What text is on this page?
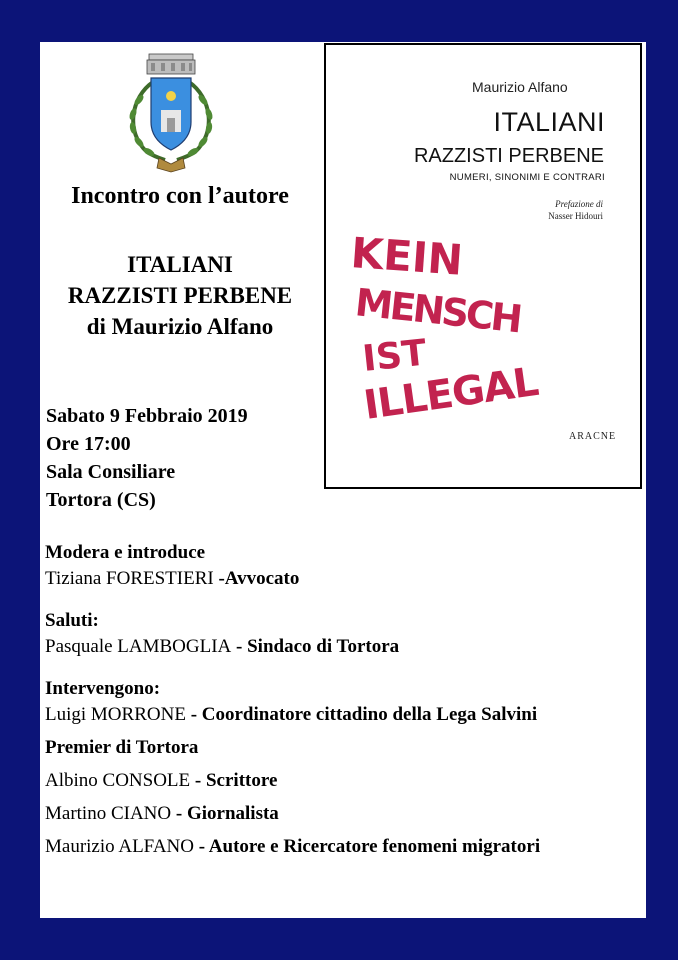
Incontro con l’autore
ITALIANI
RAZZISTI PERBENE
di Maurizio Alfano
Sabato 9 Febbraio 2019
Ore 17:00
Sala Consiliare
Tortora (CS)
Modera e introduce
Tiziana FORESTIERI -Avvocato
Saluti:
Pasquale LAMBOGLIA - Sindaco di Tortora
Intervengono:
Luigi MORRONE - Coordinatore cittadino della Lega Salvini
Premier di Tortora
Albino CONSOLE - Scrittore
Martino CIANO - Giornalista
Maurizio ALFANO - Autore e Ricercatore fenomeni migratori
Maurizio Alfano
ITALIANI
RAZZISTI PERBENE
NUMERI, SINONIMI E CONTRARI
Prefazione di
Nasser Hidouri
KEIN
MENSCH
IST
ILLEGAL
ARACNE
